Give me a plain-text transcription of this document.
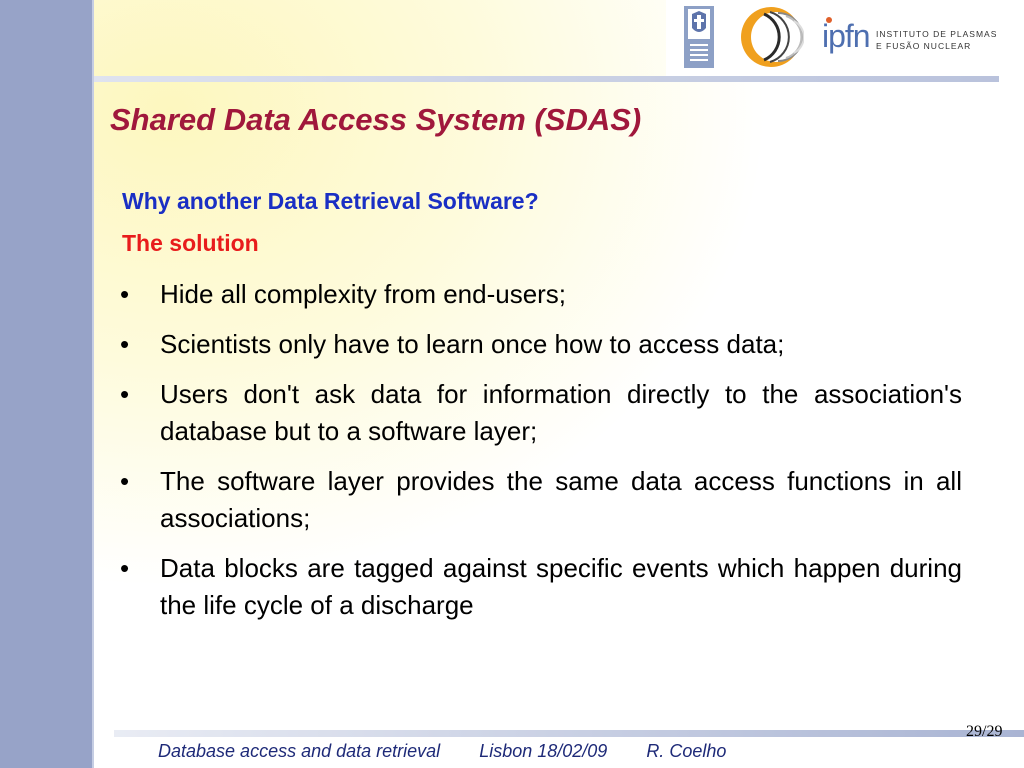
ipfn INSTITUTO DE PLASMAS
E FUSÃO NUCLEAR
Shared Data Access System (SDAS)
Why another Data Retrieval Software?
The solution
• Hide all complexity from end-users;
• Scientists only have to learn once how to access data;
• Users don't ask data for information directly to the association's database but to a software layer;
• The software layer provides the same data access functions in all associations;
• Data blocks are tagged against specific events which happen during the life cycle of a discharge
29/29
Database access and data retrieval Lisbon 18/02/09 R. Coelho
